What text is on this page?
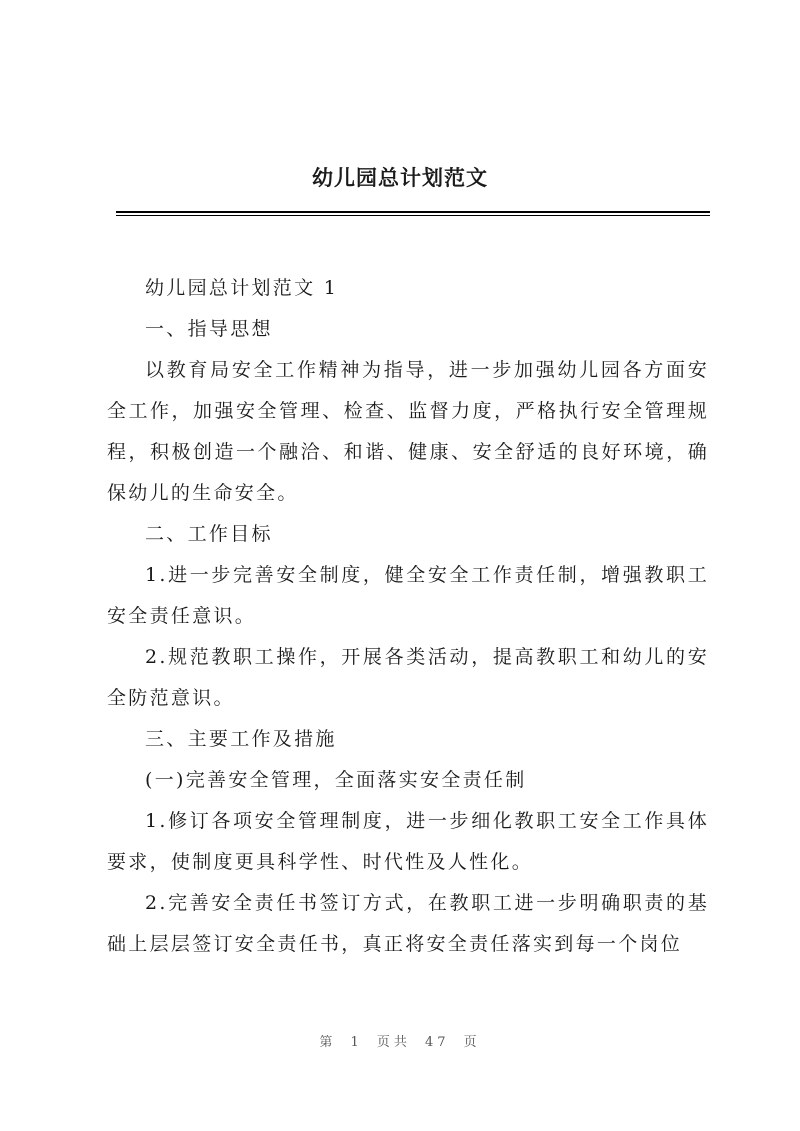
幼儿园总计划范文

幼儿园总计划范文 1

一、指导思想

以教育局安全工作精神为指导，进一步加强幼儿园各方面安全工作，加强安全管理、检查、监督力度，严格执行安全管理规程，积极创造一个融洽、和谐、健康、安全舒适的良好环境，确保幼儿的生命安全。

二、工作目标

1.进一步完善安全制度，健全安全工作责任制，增强教职工安全责任意识。

2.规范教职工操作，开展各类活动，提高教职工和幼儿的安全防范意识。

三、主要工作及措施

(一)完善安全管理，全面落实安全责任制

1.修订各项安全管理制度，进一步细化教职工安全工作具体要求，使制度更具科学性、时代性及人性化。

2.完善安全责任书签订方式，在教职工进一步明确职责的基础上层层签订安全责任书，真正将安全责任落实到每一个岗位

第 1 页共 47 页
